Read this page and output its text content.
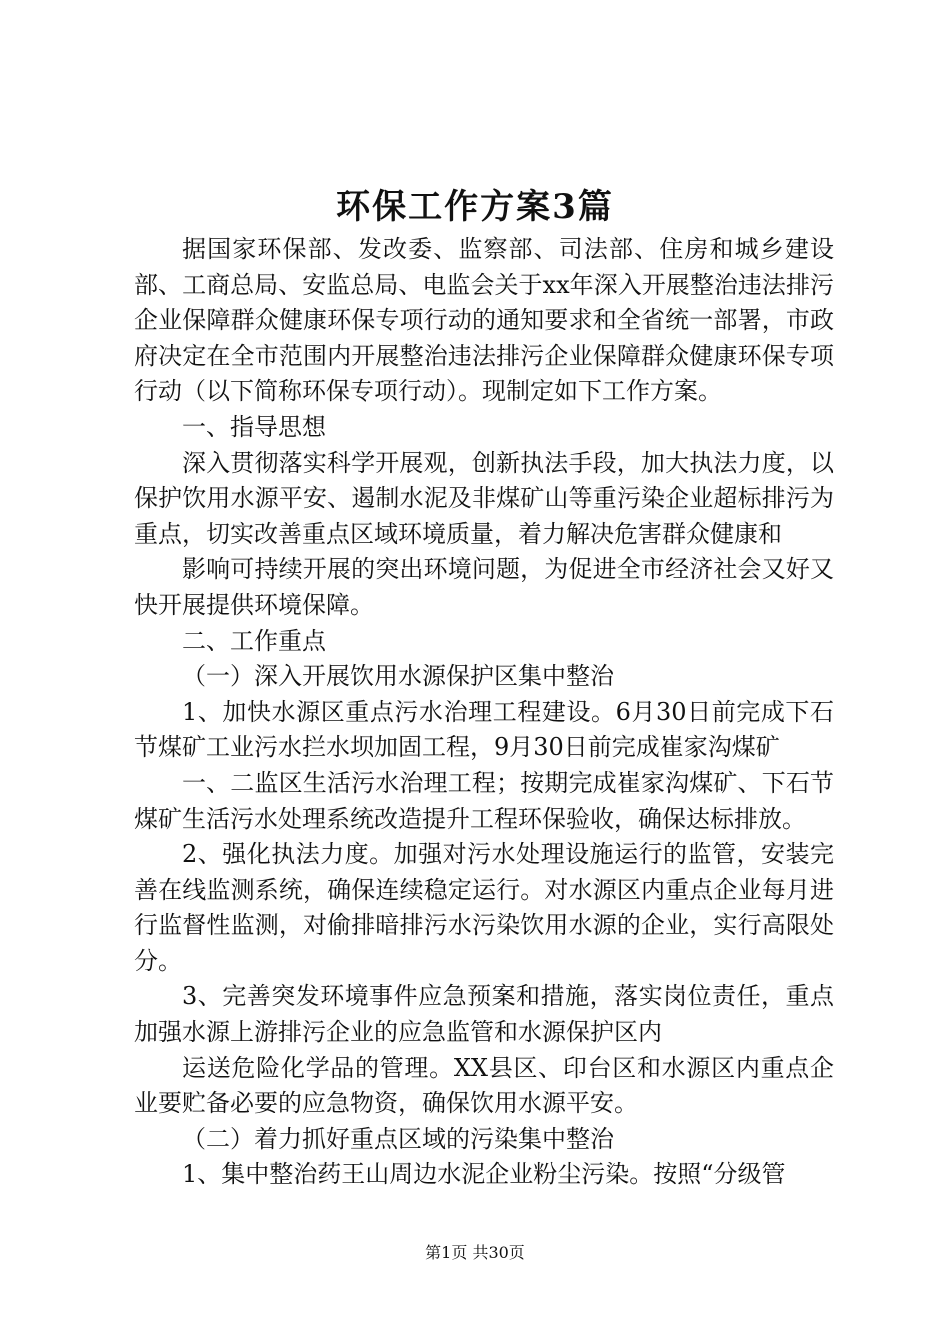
环保工作方案3篇

据国家环保部、发改委、监察部、司法部、住房和城乡建设部、工商总局、安监总局、电监会关于xx年深入开展整治违法排污企业保障群众健康环保专项行动的通知要求和全省统一部署，市政府决定在全市范围内开展整治违法排污企业保障群众健康环保专项行动（以下简称环保专项行动）。现制定如下工作方案。

一、指导思想

深入贯彻落实科学开展观，创新执法手段，加大执法力度，以保护饮用水源平安、遏制水泥及非煤矿山等重污染企业超标排污为重点，切实改善重点区域环境质量，着力解决危害群众健康和

影响可持续开展的突出环境问题，为促进全市经济社会又好又快开展提供环境保障。

二、工作重点

（一）深入开展饮用水源保护区集中整治

1、加快水源区重点污水治理工程建设。6月30日前完成下石节煤矿工业污水拦水坝加固工程，9月30日前完成崔家沟煤矿

一、二监区生活污水治理工程；按期完成崔家沟煤矿、下石节煤矿生活污水处理系统改造提升工程环保验收，确保达标排放。

2、强化执法力度。加强对污水处理设施运行的监管，安装完善在线监测系统，确保连续稳定运行。对水源区内重点企业每月进行监督性监测，对偷排暗排污水污染饮用水源的企业，实行高限处分。

3、完善突发环境事件应急预案和措施，落实岗位责任，重点加强水源上游排污企业的应急监管和水源保护区内

运送危险化学品的管理。XX县区、印台区和水源区内重点企业要贮备必要的应急物资，确保饮用水源平安。

（二）着力抓好重点区域的污染集中整治

1、集中整治药王山周边水泥企业粉尘污染。按照“分级管

第1页 共30页
